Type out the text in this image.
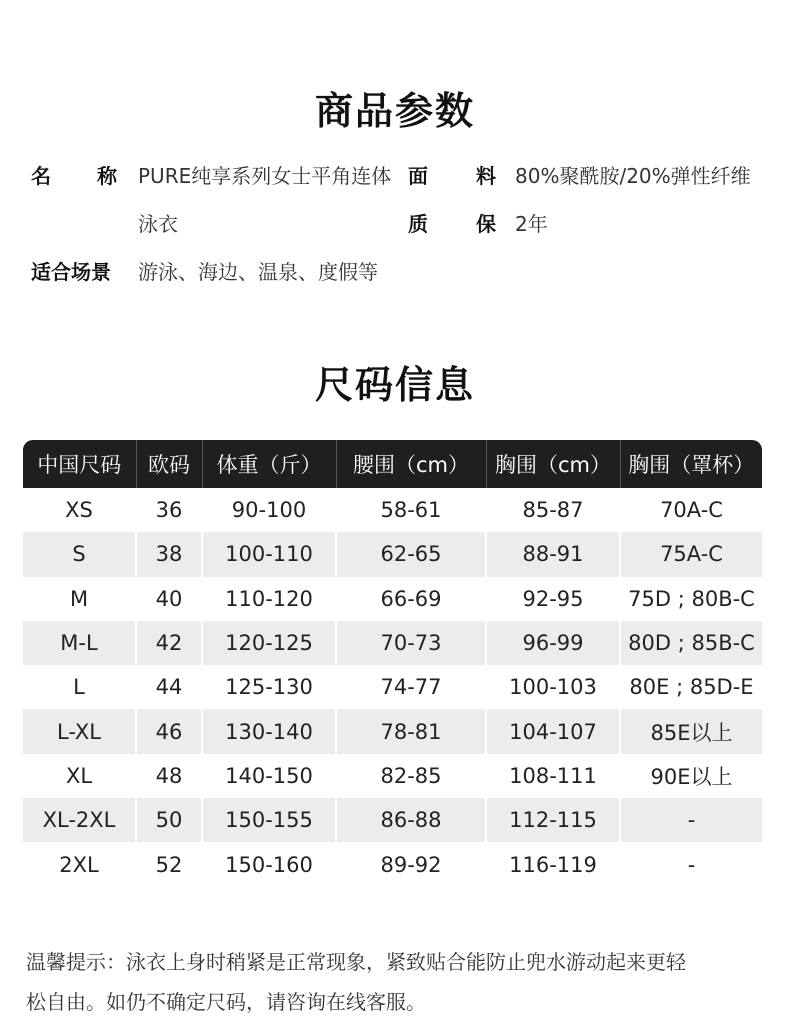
商品参数
名 称 PURE纯享系列女士平角连体
泳衣
面 料 80%聚酰胺/20%弹性纤维
质 保 2年
适合场景 游泳、海边、温泉、度假等
尺码信息
中国尺码	欧码	体重（斤）	腰围（cm）	胸围（cm）	胸围（罩杯）
XS	36	90-100	58-61	85-87	70A-C
S	38	100-110	62-65	88-91	75A-C
M	40	110-120	66-69	92-95	75D ; 80B-C
M-L	42	120-125	70-73	96-99	80D ; 85B-C
L	44	125-130	74-77	100-103	80E ; 85D-E
L-XL	46	130-140	78-81	104-107	85E以上
XL	48	140-150	82-85	108-111	90E以上
XL-2XL	50	150-155	86-88	112-115	-
2XL	52	150-160	89-92	116-119	-
温馨提示：泳衣上身时稍紧是正常现象，紧致贴合能防止兜水游动起来更轻
松自由。如仍不确定尺码，请咨询在线客服。
